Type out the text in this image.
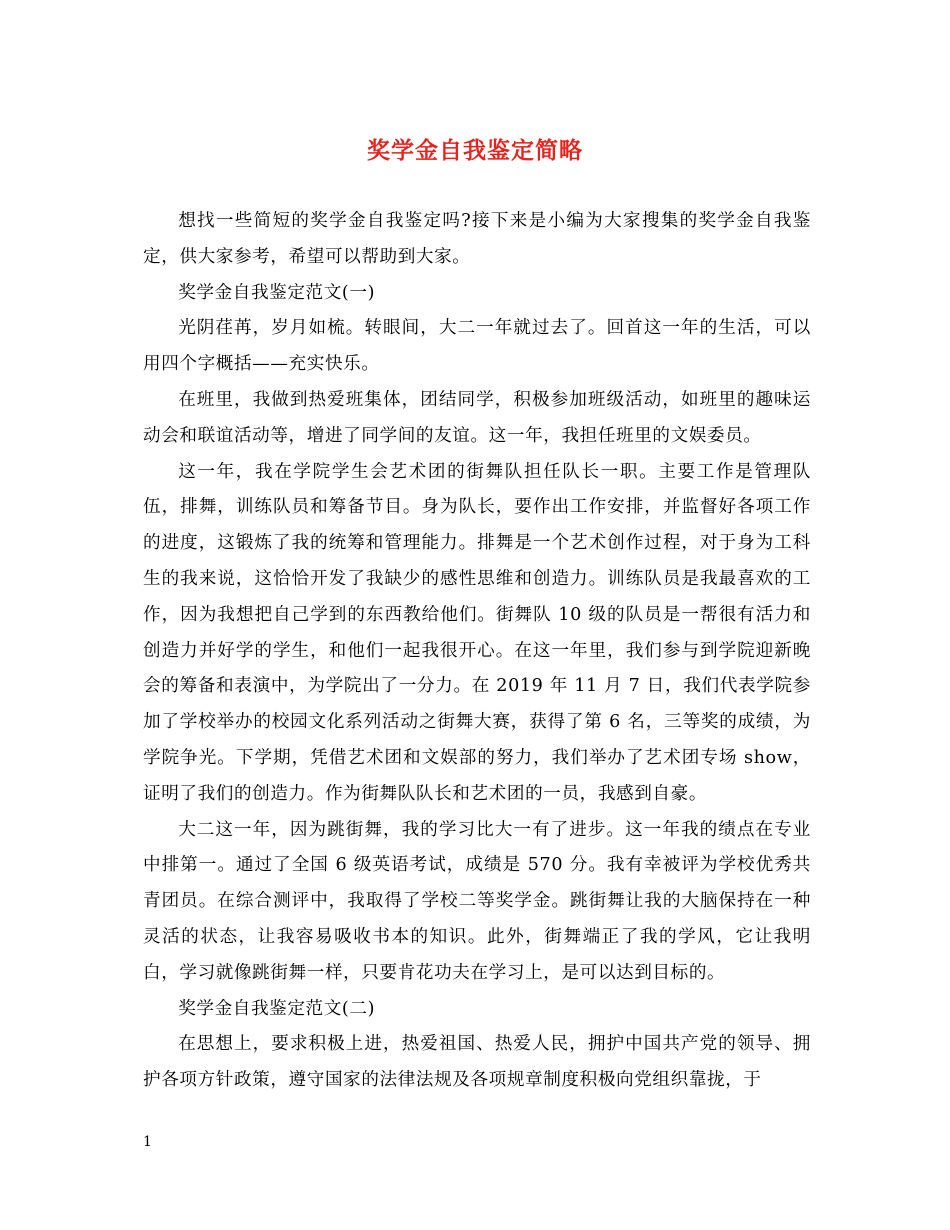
奖学金自我鉴定简略

想找一些简短的奖学金自我鉴定吗?接下来是小编为大家搜集的奖学金自我鉴定，供大家参考，希望可以帮助到大家。

奖学金自我鉴定范文(一)

光阴荏苒，岁月如梳。转眼间，大二一年就过去了。回首这一年的生活，可以用四个字概括——充实快乐。

在班里，我做到热爱班集体，团结同学，积极参加班级活动，如班里的趣味运动会和联谊活动等，增进了同学间的友谊。这一年，我担任班里的文娱委员。

这一年，我在学院学生会艺术团的街舞队担任队长一职。主要工作是管理队伍，排舞，训练队员和筹备节目。身为队长，要作出工作安排，并监督好各项工作的进度，这锻炼了我的统筹和管理能力。排舞是一个艺术创作过程，对于身为工科生的我来说，这恰恰开发了我缺少的感性思维和创造力。训练队员是我最喜欢的工作，因为我想把自己学到的东西教给他们。街舞队 10 级的队员是一帮很有活力和创造力并好学的学生，和他们一起我很开心。在这一年里，我们参与到学院迎新晚会的筹备和表演中，为学院出了一分力。在 2019 年 11 月 7 日，我们代表学院参加了学校举办的校园文化系列活动之街舞大赛，获得了第 6 名，三等奖的成绩，为学院争光。下学期，凭借艺术团和文娱部的努力，我们举办了艺术团专场 show，证明了我们的创造力。作为街舞队队长和艺术团的一员，我感到自豪。

大二这一年，因为跳街舞，我的学习比大一有了进步。这一年我的绩点在专业中排第一。通过了全国 6 级英语考试，成绩是 570 分。我有幸被评为学校优秀共青团员。在综合测评中，我取得了学校二等奖学金。跳街舞让我的大脑保持在一种灵活的状态，让我容易吸收书本的知识。此外，街舞端正了我的学风，它让我明白，学习就像跳街舞一样，只要肯花功夫在学习上，是可以达到目标的。

奖学金自我鉴定范文(二)

在思想上，要求积极上进，热爱祖国、热爱人民，拥护中国共产党的领导、拥护各项方针政策，遵守国家的法律法规及各项规章制度积极向党组织靠拢，于

1
